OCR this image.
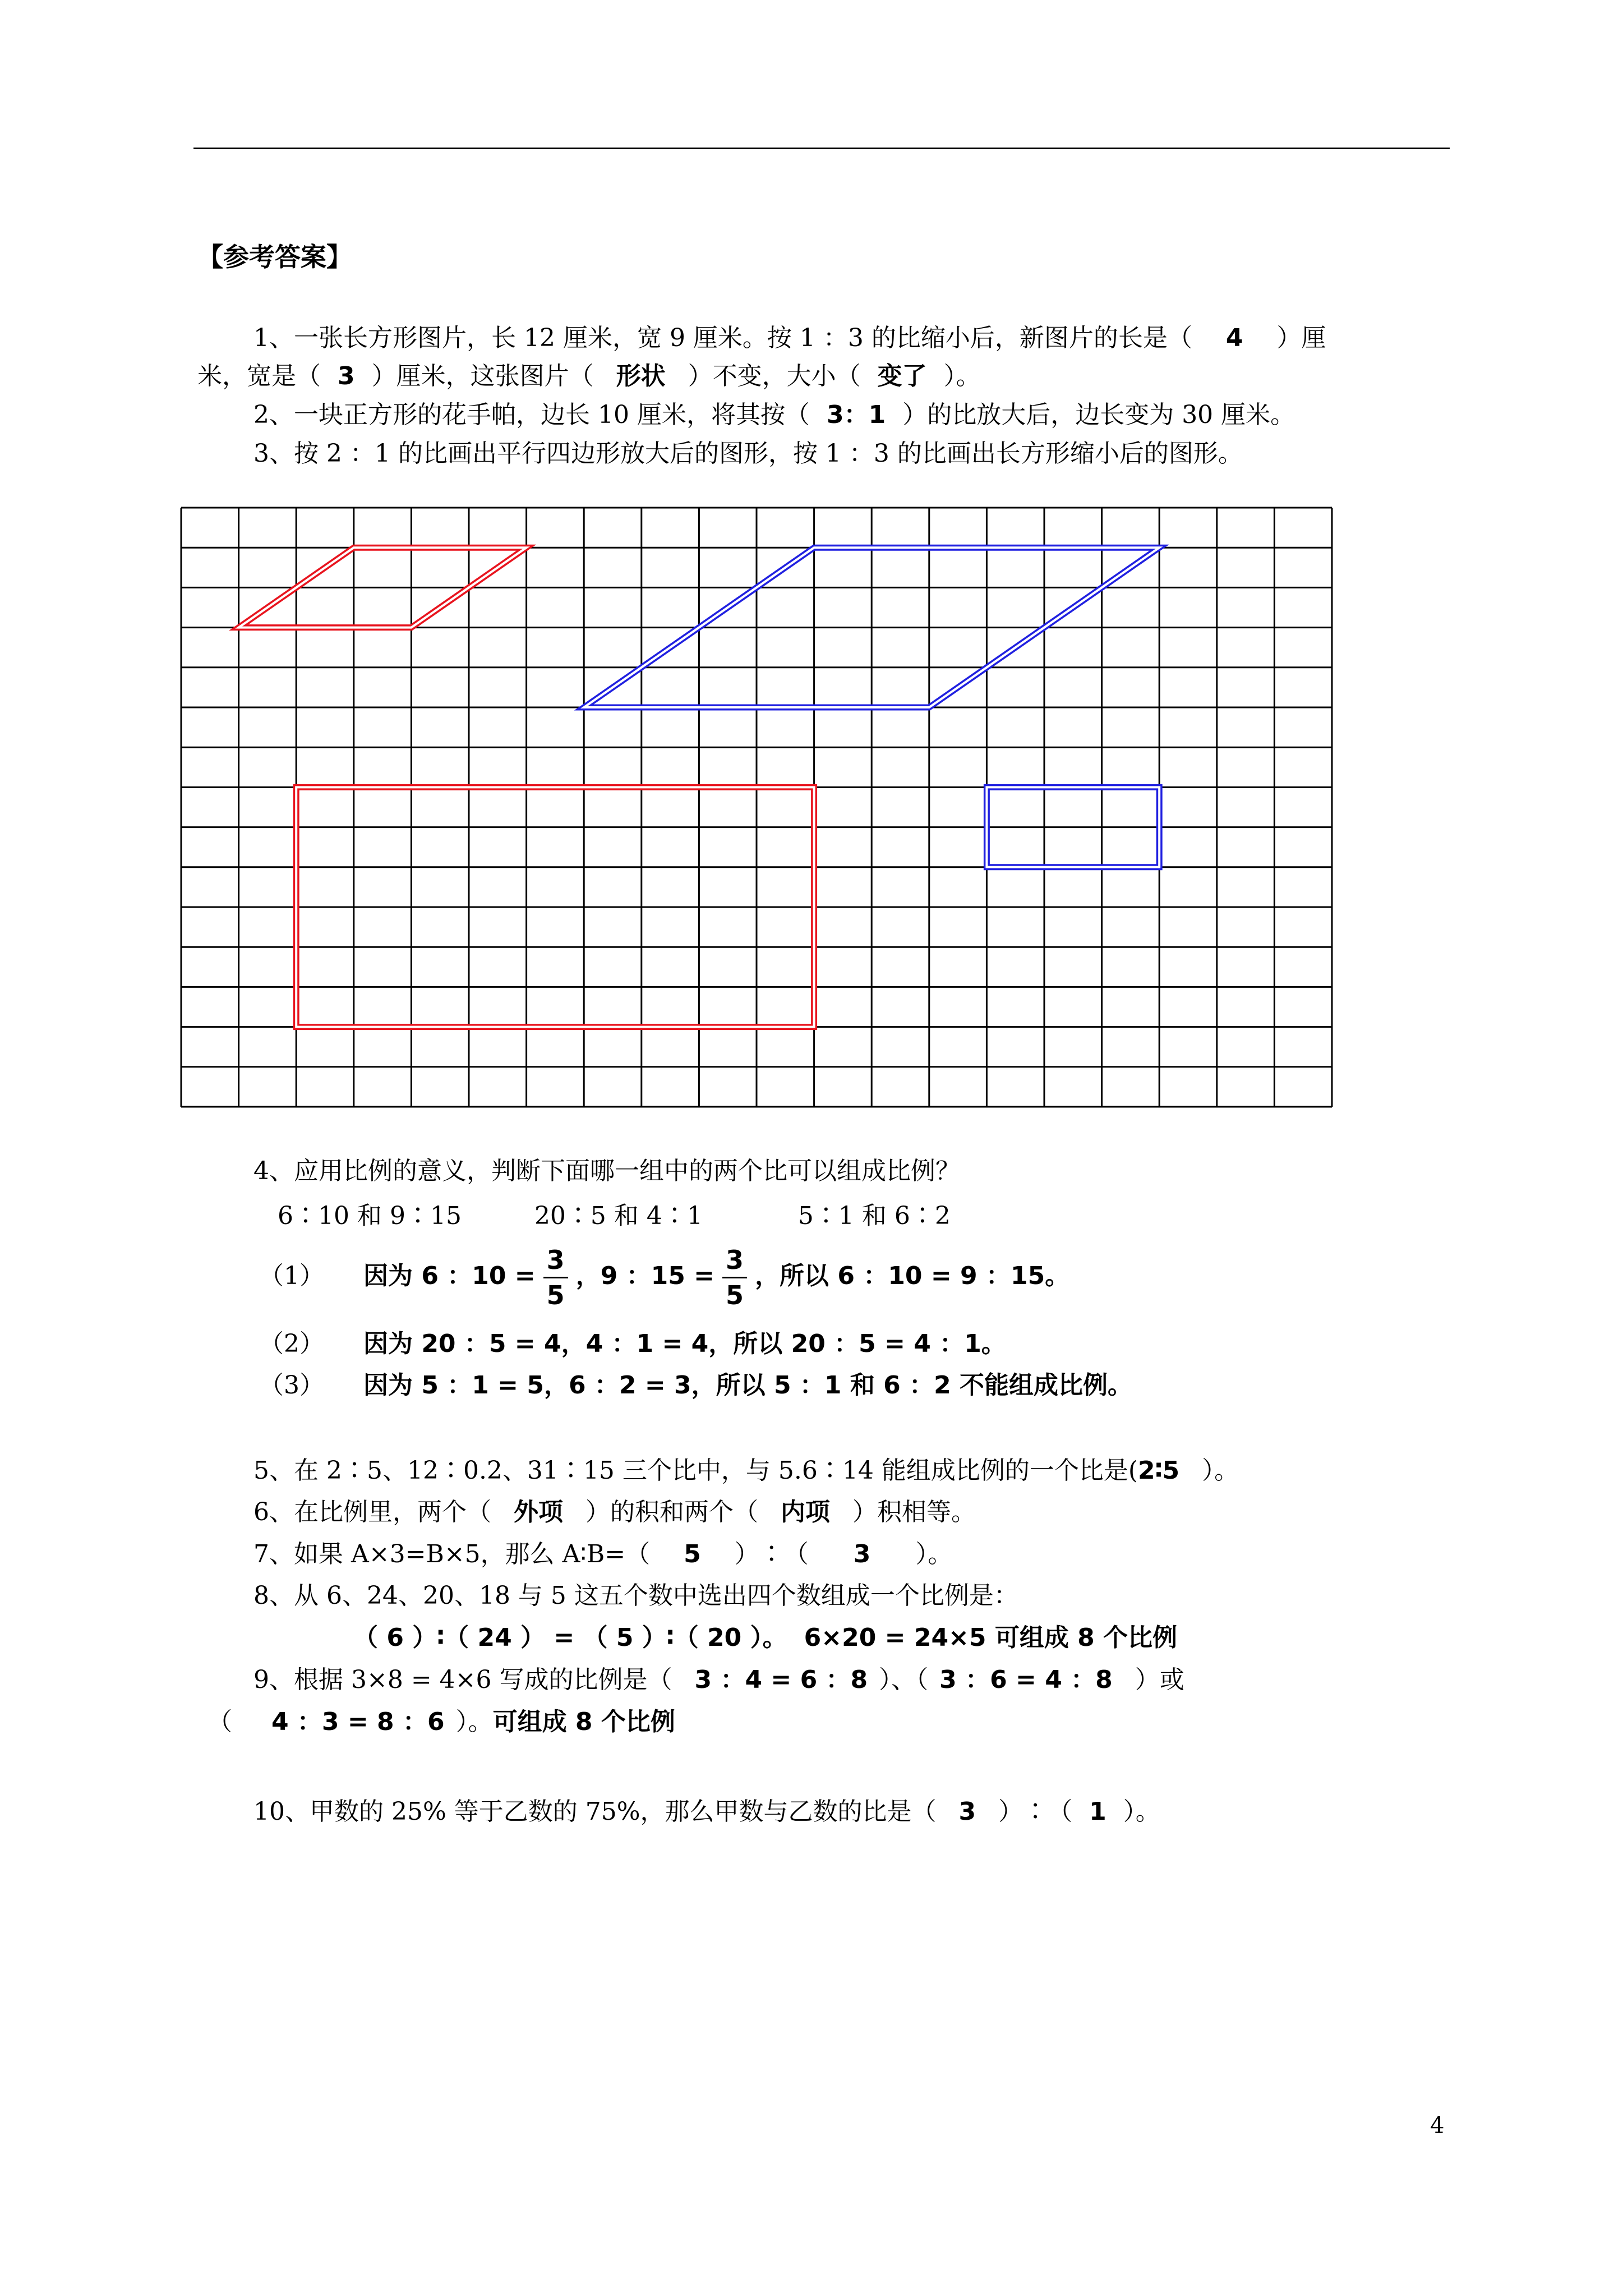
【参考答案】
1、一张长方形图片，长 12 厘米，宽 9 厘米。按 1 ：3 的比缩小后，新图片的长是（ 4 ）厘
米，宽是（ 3 ）厘米，这张图片（ 形状 ）不变，大小（ 变了 ）。
2、一块正方形的花手帕，边长 10 厘米，将其按（ 3：1 ）的比放大后，边长变为 30 厘米。
3、按 2 ：1 的比画出平行四边形放大后的图形，按 1 ：3 的比画出长方形缩小后的图形。
4、应用比例的意义，判断下面哪一组中的两个比可以组成比例？
6∶10 和 9∶15	20∶5 和 4∶1	5∶1 和 6∶2
（1） 因为 6 ：$10 = \frac{3}{5}$ ，9 ：$15 = \frac{3}{5}$ ，所以 6 ：10 = 9 ：15。
（2） 因为 20 ：5 = 4，4 ：1 = 4，所以 20 ：5 = 4 ：1。
（3） 因为 5 ：1 = 5，6 ：2 = 3，所以 5 ：1 和 6 ：2 不能组成比例。
5、在 2∶5、12∶0.2、31∶15 三个比中，与 5.6∶14 能组成比例的一个比是(2∶5 ）。
6、在比例里，两个（ 外项 ）的积和两个（ 内项 ）积相等。
7、如果 A×3=B×5，那么 A∶B=（ 5 ）∶（ 3 ）。
8、从 6、24、20、18 与 5 这五个数中选出四个数组成一个比例是：
（ 6 ）∶（ 24 ） = （ 5 ）∶（ 20 ）。 6×20 = 24×5 可组成 8 个比例
9、根据 3×8 = 4×6 写成的比例是（ 3 ：4 = 6 ：8 ）、（ 3 ：6 = 4 ：8 ）或
（ 4 ：3 = 8 ：6 ）。可组成 8 个比例
10、甲数的 25% 等于乙数的 75%，那么甲数与乙数的比是（ 3 ）∶（ 1 ）。
4
